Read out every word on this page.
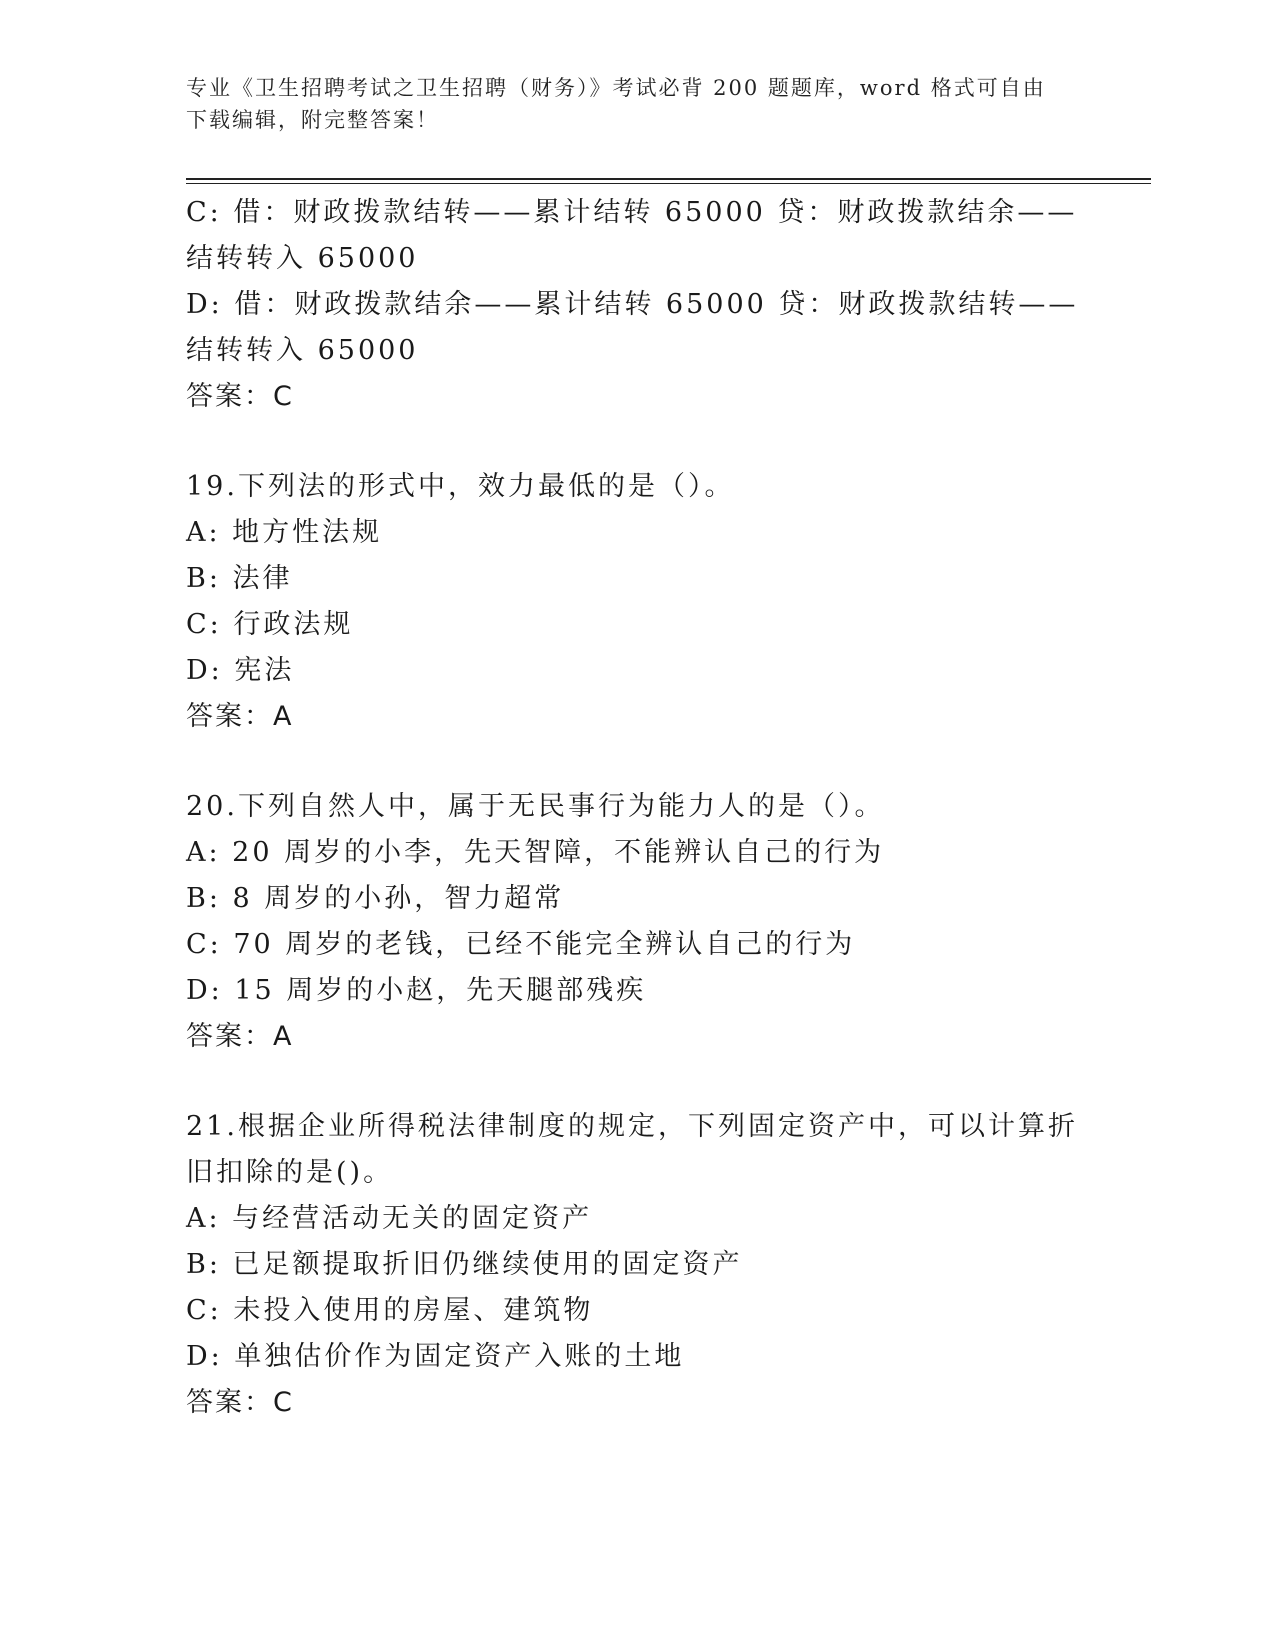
专业《卫生招聘考试之卫生招聘（财务）》考试必背 200 题题库，word 格式可自由下载编辑，附完整答案！
C: 借：财政拨款结转——累计结转 65000 贷：财政拨款结余——结转转入 65000
D: 借：财政拨款结余——累计结转 65000 贷：财政拨款结转——结转转入 65000
答案：C
19.下列法的形式中，效力最低的是（）。
A: 地方性法规
B: 法律
C: 行政法规
D: 宪法
答案：A
20.下列自然人中，属于无民事行为能力人的是（）。
A: 20 周岁的小李，先天智障，不能辨认自己的行为
B: 8 周岁的小孙，智力超常
C: 70 周岁的老钱，已经不能完全辨认自己的行为
D: 15 周岁的小赵，先天腿部残疾
答案：A
21.根据企业所得税法律制度的规定，下列固定资产中，可以计算折旧扣除的是()。
A: 与经营活动无关的固定资产
B: 已足额提取折旧仍继续使用的固定资产
C: 未投入使用的房屋、建筑物
D: 单独估价作为固定资产入账的土地
答案：C
